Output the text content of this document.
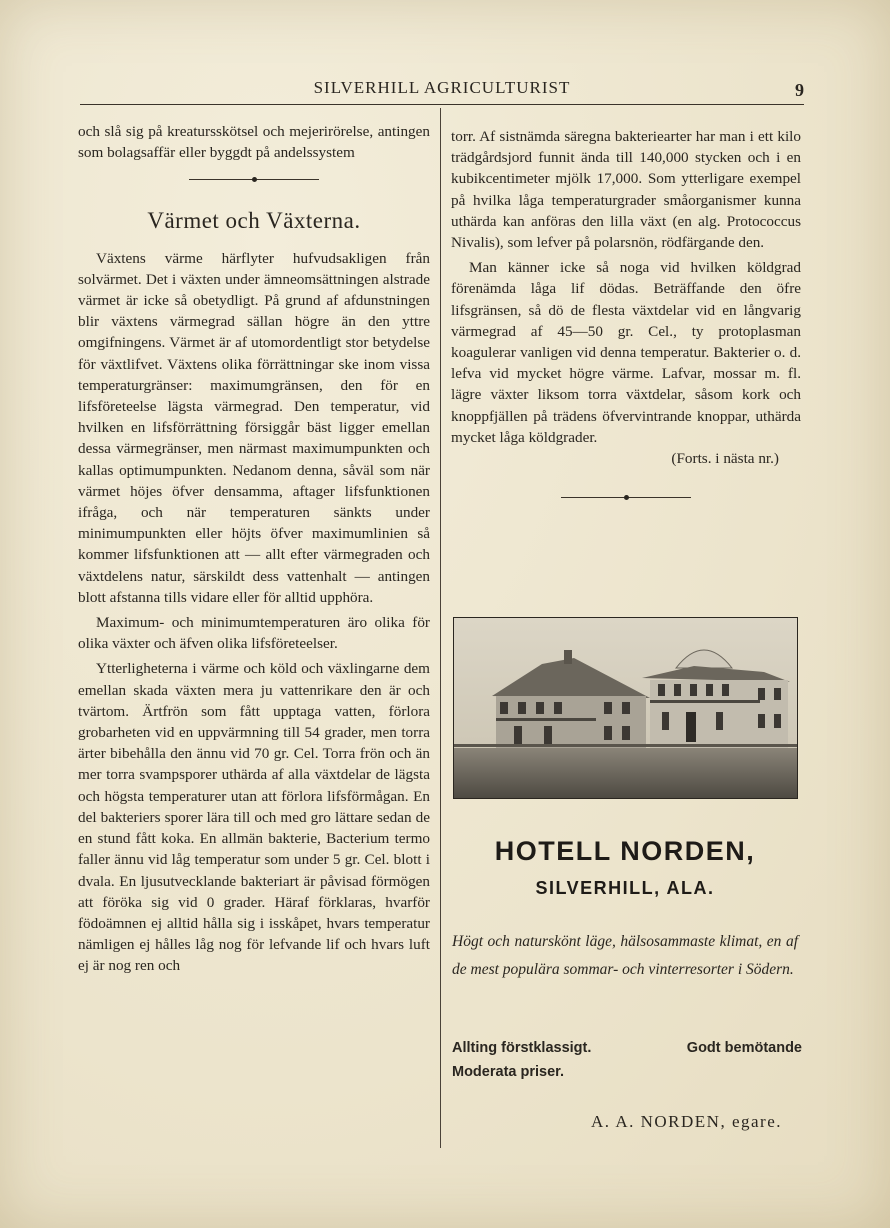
SILVERHILL AGRICULTURIST	9

och slå sig på kreatursskötsel och mejerirörelse, antingen som bolagsaffär eller byggdt på andelssystem

Värmet och Växterna.

Växtens värme härflyter hufvudsakligen från solvärmet. Det i växten under ämneomsättningen alstrade värmet är icke så obetydligt. På grund af afdunstningen blir växtens värmegrad sällan högre än den yttre omgifningens. Värmet är af utomordentligt stor betydelse för växtlifvet. Växtens olika förrättningar ske inom vissa temperaturgränser: maximumgränsen, den för en lifsföreteelse lägsta värmegrad. Den temperatur, vid hvilken en lifsförrättning försiggår bäst ligger emellan dessa värmegränser, men närmast maximumpunkten och kallas optimumpunkten. Nedanom denna, såväl som när värmet höjes öfver densamma, aftager lifsfunktionen ifråga, och när temperaturen sänkts under minimumpunkten eller höjts öfver maximumlinien så kommer lifsfunktionen att — allt efter värmegraden och växtdelens natur, särskildt dess vattenhalt — antingen blott afstanna tills vidare eller för alltid upphöra.

Maximum- och minimumtemperaturen äro olika för olika växter och äfven olika lifsföreteelser.

Ytterligheterna i värme och köld och växlingarne dem emellan skada växten mera ju vattenrikare den är och tvärtom. Ärtfrön som fått upptaga vatten, förlora grobarheten vid en uppvärmning till 54 grader, men torra ärter bibehålla den ännu vid 70 gr. Cel. Torra frön och än mer torra svampsporer uthärda af alla växtdelar de lägsta och högsta temperaturer utan att förlora lifsförmågan. En del bakteriers sporer lära till och med gro lättare sedan de en stund fått koka. En allmän bakterie, Bacterium termo faller ännu vid låg temperatur som under 5 gr. Cel. blott i dvala. En ljusutvecklande bakteriart är påvisad förmögen att föröka sig vid 0 grader. Häraf förklaras, hvarför födoämnen ej alltid hålla sig i isskåpet, hvars temperatur nämligen ej hålles låg nog för lefvande lif och hvars luft ej är nog ren och

torr. Af sistnämda säregna bakteriearter har man i ett kilo trädgårdsjord funnit ända till 140,000 stycken och i en kubikcentimeter mjölk 17,000. Som ytterligare exempel på hvilka låga temperaturgrader småorganismer kunna uthärda kan anföras den lilla växt (en alg. Protococcus Nivalis), som lefver på polarsnön, rödfärgande den.

Man känner icke så noga vid hvilken köldgrad förenämda låga lif dödas. Beträffande den öfre lifsgränsen, så dö de flesta växtdelar vid en långvarig värmegrad af 45—50 gr. Cel., ty protoplasman koagulerar vanligen vid denna temperatur. Bakterier o. d. lefva vid mycket högre värme. Lafvar, mossar m. fl. lägre växter liksom torra växtdelar, såsom kork och knoppfjällen på trädens öfvervintrande knoppar, uthärda mycket låga köldgrader.

(Forts. i nästa nr.)

HOTELL NORDEN,
SILVERHILL, ALA.
Högt och naturskönt läge, hälsosammaste klimat, en af de mest populära sommar- och vinterresorter i Södern.
Allting förstklassigt.	Godt bemötande

Moderata priser.
A. A. NORDEN, egare.
